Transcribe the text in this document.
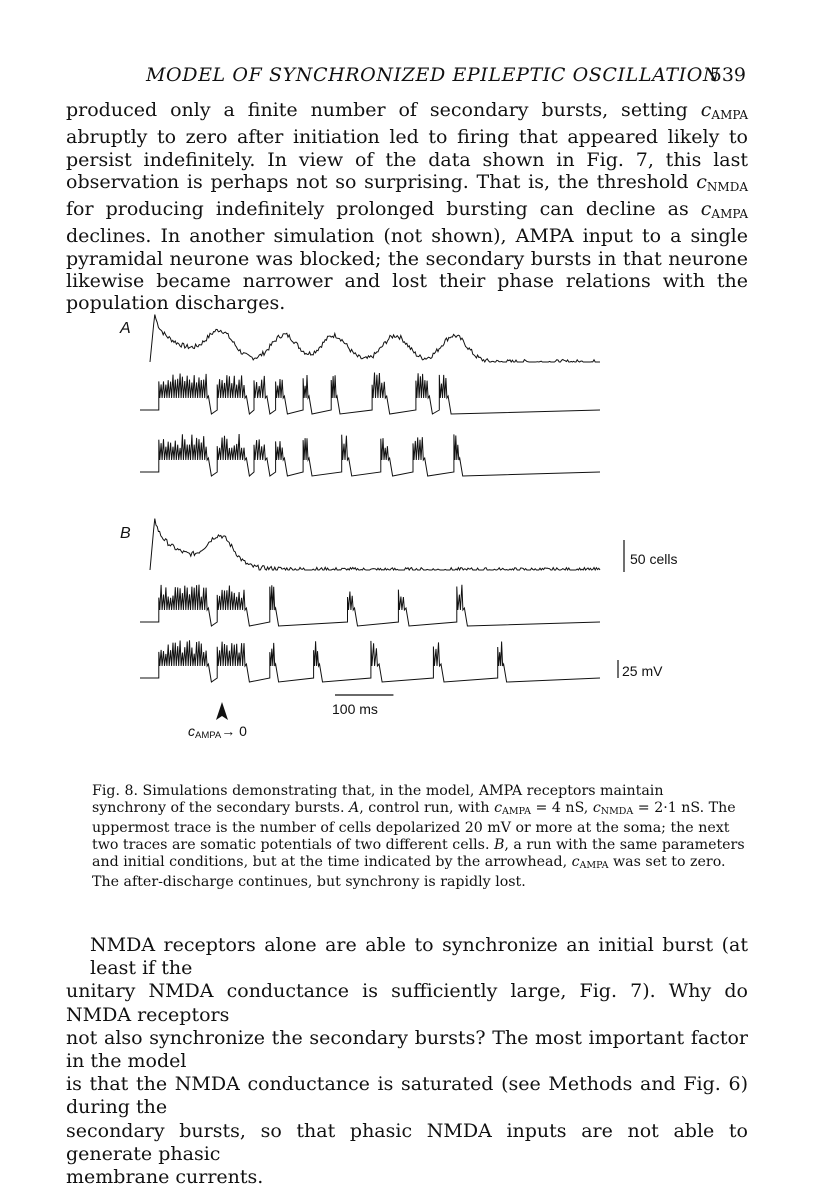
MODEL OF SYNCHRONIZED EPILEPTIC OSCILLATION
539

produced only a finite number of secondary bursts, setting $c_{AMPA}$ abruptly to zero after initiation led to firing that appeared likely to persist indefinitely. In view of the data shown in Fig. 7, this last observation is perhaps not so surprising. That is, the threshold $c_{NMDA}$ for producing indefinitely prolonged bursting can decline as $c_{AMPA}$ declines. In another simulation (not shown), AMPA input to a single pyramidal neurone was blocked; the secondary bursts in that neurone likewise became narrower and lost their phase relations with the population discharges.

A
B
50 cells
25 mV
100 ms
cAMPA→ 0
Fig. 8. Simulations demonstrating that, in the model, AMPA receptors maintain
synchrony of the secondary bursts. A, control run, with cAMPA = 4 nS, cNMDA = 2·1 nS. The
uppermost trace is the number of cells depolarized 20 mV or more at the soma; the next
two traces are somatic potentials of two different cells. B, a run with the same parameters
and initial conditions, but at the time indicated by the arrowhead, cAMPA was set to zero.
The after-discharge continues, but synchrony is rapidly lost.

NMDA receptors alone are able to synchronize an initial burst (at least if the
unitary NMDA conductance is sufficiently large, Fig. 7). Why do NMDA receptors
not also synchronize the secondary bursts? The most important factor in the model
is that the NMDA conductance is saturated (see Methods and Fig. 6) during the
secondary bursts, so that phasic NMDA inputs are not able to generate phasic
membrane currents.
